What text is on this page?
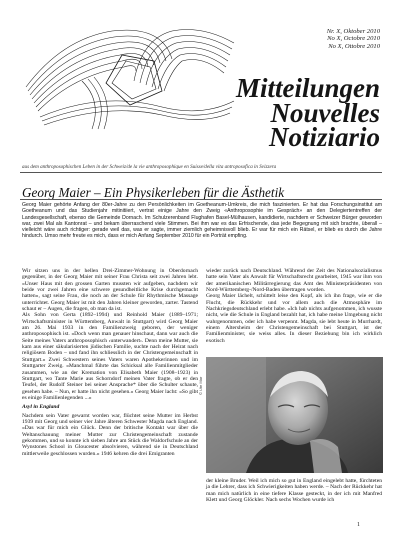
Nr. X, Oktober 2010
No X, Octobre 2010
No X, Ottobre 2010
Mitteilungen
Nouvelles
Notiziario
aus dem anthroposophischen Leben in der Schweiz/de la vie anthroposophique en Suisse/della vita antroposofica in Svizzera
Georg Maier – Ein Physikerleben für die Ästhetik
Georg Maier gehörte Anfang der 80er-Jahre zu den Persönlichkeiten im Goetheanum-Umkreis, die mich faszinierten. Er hat das Forschungsinstitut am Goetheanum und das Studienjahr mitinitiiert, vertrat einige Jahre den Zweig «Anthroposophie im Gespräch» an den Delegiertentreffen der Landesgesellschaft, ebenso die Gemeinde Dornach. Im Schulzerenband Flughafen Basel-Mülhausen, kandidierte, nachdem er Schweizer Bürger geworden war, zwei Mal als Kantonrat – und bekam überraschend viele Stimmen. Bei ihm war es das Erfrischende, das jede Begegnung mit sich brachte, überall – vielleicht wäre auch richtiger: gerade weil das, was er sagte, immer ziemlich geheimnisvoll blieb. Er war für mich ein Rätsel, er blieb es durch die Jahre hindurch. Umso mehr freute es mich, dass er mich Anfang September 2010 für ein Porträt empfing.

Wir sitzen uns in der hellen Drei-Zimmer-Wohnung in Oberdornach gegenüber, in der Georg Maier mit seiner Frau Christa seit zwei Jahren lebt. «Unser Haus mit den grossen Garten mussten wir aufgeben, nachdem wir beide vor zwei Jahren eine schwere gesundheitliche Krise durchgemacht hatten», sagt seine Frau, die noch an der Schule für Rhythmische Massage unterrichtet. Georg Maier ist mit den Jahren kleiner geworden, zarter. Tastend schaut er – Augen, die fragen, ob man da ist.

Als Sohn von Gerta (1892–1994) und Reinhold Maier (1889–1971; Wirtschaftsminister in Württemberg, Anwalt in Stuttgart) wird Georg Maier am 26. Mai 1933 in den Familienzweig geboren, der weniger anthroposophisch ist. «Doch wenn man genauer hinschaut, dann war auch die Seite meines Vaters anthroposophisch ‹unterwandert›. Denn meine Mutter, sie kam aus einer säkularisierten jüdischen Familie, suchte nach der Heirat nach religiösem Boden – und fand ihn schliesslich in der Christengemeinschaft in Stuttgart.» Zwei Schwestern seines Vaters waren Apothekerinnen und im Stuttgarter Zweig. «Manchmal führte das Schicksal alle Familienmitglieder zusammen, wie an der Kremation von Elisabeth Maier (1908–1923) in Stuttgart, wo Tante Marie aus Schorndorf meinen Vater fragte, ob er den Teufel, der Rudolf Steiner bei seiner Ansprache* über die Schulter schaute, gesehen habe. – Nun, er hatte ihn nicht gesehen.» Georg Maier lacht: «So gibt es einige Familienlegenden ...»

Asyl in England

Nachdem sein Vater gewarnt worden war, flüchtet seine Mutter im Herbst 1939 mit Georg und seiner vier Jahre älteren Schwester Magda nach England. «Das war für mich ein Glück. Denn der britische Kontakt war über die Weltanschauung meiner Mutter zur Christengemeinschaft zustande gekommen, und so konnte ich sieben Jahre am Stück die Waldorfschule an der Wynstones School in Gloucester absolvieren, während sie in Deutschland mittlerweile geschlossen wurden.» 1946 kehren die drei Emigranten

wieder zurück nach Deutschland. Während der Zeit des Nationalsozialismus hatte sein Vater als Anwalt für Wirtschaftsrecht gearbeitet, 1945 war ihm von der amerikanischen Militärregierung das Amt des Ministerpräsidenten von Nord-Württemberg-/Nord-Baden übertragen worden.

Georg Maier lächelt, schüttelt leise den Kopf, als ich ihn frage, wie er die Flucht, die Rückkehr und vor allem auch die Atmosphäre im Nachkriegsdeutschland erlebt habe. «Ich hab nichts aufgenommen, ich wusste nicht, wie die Schule in England bezahlt hat, ich habe meine Umgebung nicht wahrgenommen, oder ich habe verpennt. Magda, sie lebt heute in Murrhardt, einem Altersheim der Christengemeinschaft bei Stuttgart, ist der Familienminister, sie weiss alles. In dieser Beziehung bin ich wirklich exotisch

© Ute Mar
der kleine Bruder. Weil ich mich so gut in England eingelebt hatte, fürchteten ja die Lehrer, dass ich Schwierigkeiten haben werde. – Nach der Rückkehr hat man mich natürlich in eine tiefere Klasse gesteckt, in der ich mit Manfred Klett und Georg Glöckler. Nach sechs Wochen wurde ich
1
